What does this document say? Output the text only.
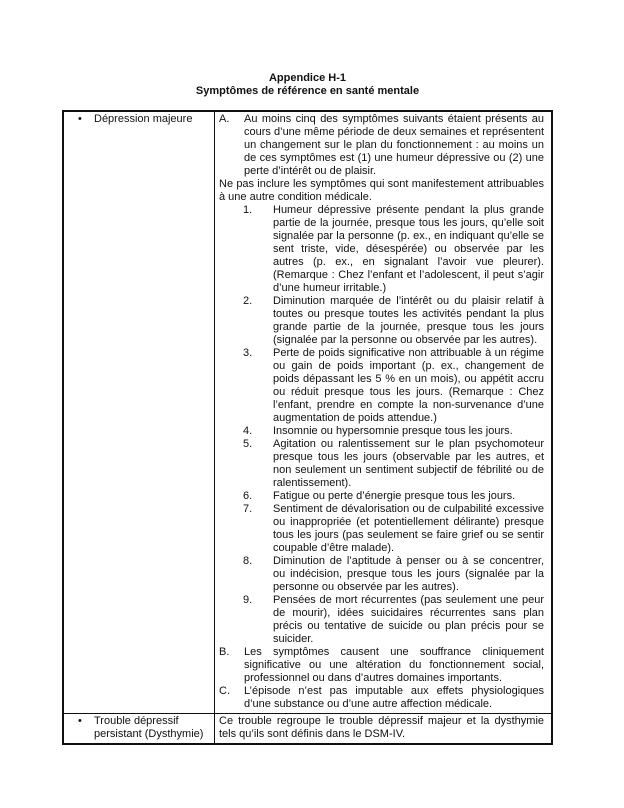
Appendice H-1
Symptômes de référence en santé mentale
•	Dépression majeure	A.	Au moins cinq des symptômes suivants étaient présents au cours d’une même période de deux semaines et représentent un changement sur le plan du fonctionnement : au moins un de ces symptômes est (1) une humeur dépressive ou (2) une perte d’intérêt ou de plaisir.
Ne pas inclure les symptômes qui sont manifestement attribuables à une autre condition médicale.
1.	Humeur dépressive présente pendant la plus grande partie de la journée, presque tous les jours, qu’elle soit signalée par la personne (p. ex., en indiquant qu’elle se sent triste, vide, désespérée) ou observée par les autres (p. ex., en signalant l’avoir vue pleurer). (Remarque : Chez l’enfant et l’adolescent, il peut s’agir d’une humeur irritable.)
2.	Diminution marquée de l’intérêt ou du plaisir relatif à toutes ou presque toutes les activités pendant la plus grande partie de la journée, presque tous les jours (signalée par la personne ou observée par les autres).
3.	Perte de poids significative non attribuable à un régime ou gain de poids important (p. ex., changement de poids dépassant les 5 % en un mois), ou appétit accru ou réduit presque tous les jours. (Remarque : Chez l’enfant, prendre en compte la non-survenance d’une augmentation de poids attendue.)
4.	Insomnie ou hypersomnie presque tous les jours.
5.	Agitation ou ralentissement sur le plan psychomoteur presque tous les jours (observable par les autres, et non seulement un sentiment subjectif de fébrilité ou de ralentissement).
6.	Fatigue ou perte d’énergie presque tous les jours.
7.	Sentiment de dévalorisation ou de culpabilité excessive ou inappropriée (et potentiellement délirante) presque tous les jours (pas seulement se faire grief ou se sentir coupable d’être malade).
8.	Diminution de l’aptitude à penser ou à se concentrer, ou indécision, presque tous les jours (signalée par la personne ou observée par les autres).
9.	Pensées de mort récurrentes (pas seulement une peur de mourir), idées suicidaires récurrentes sans plan précis ou tentative de suicide ou plan précis pour se suicider.
B.	Les symptômes causent une souffrance cliniquement significative ou une altération du fonctionnement social, professionnel ou dans d’autres domaines importants.
C.	L’épisode n’est pas imputable aux effets physiologiques d’une substance ou d’une autre affection médicale.

• Trouble dépressif persistant (Dysthymie)	Ce trouble regroupe le trouble dépressif majeur et la dysthymie tels qu’ils sont définis dans le DSM-IV.
